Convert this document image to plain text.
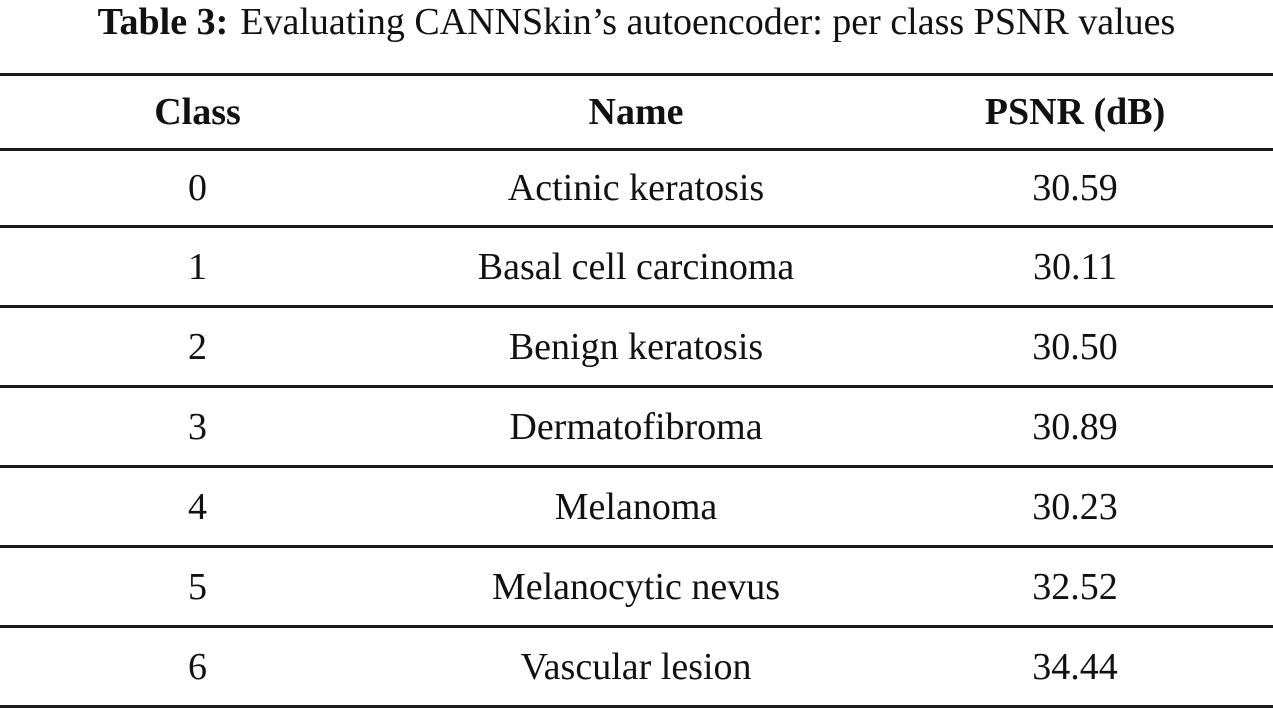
Table 3: Evaluating CANNSkin’s autoencoder: per class PSNR values
Class	Name	PSNR (dB)
0	Actinic keratosis	30.59
1	Basal cell carcinoma	30.11
2	Benign keratosis	30.50
3	Dermatofibroma	30.89
4	Melanoma	30.23
5	Melanocytic nevus	32.52
6	Vascular lesion	34.44
